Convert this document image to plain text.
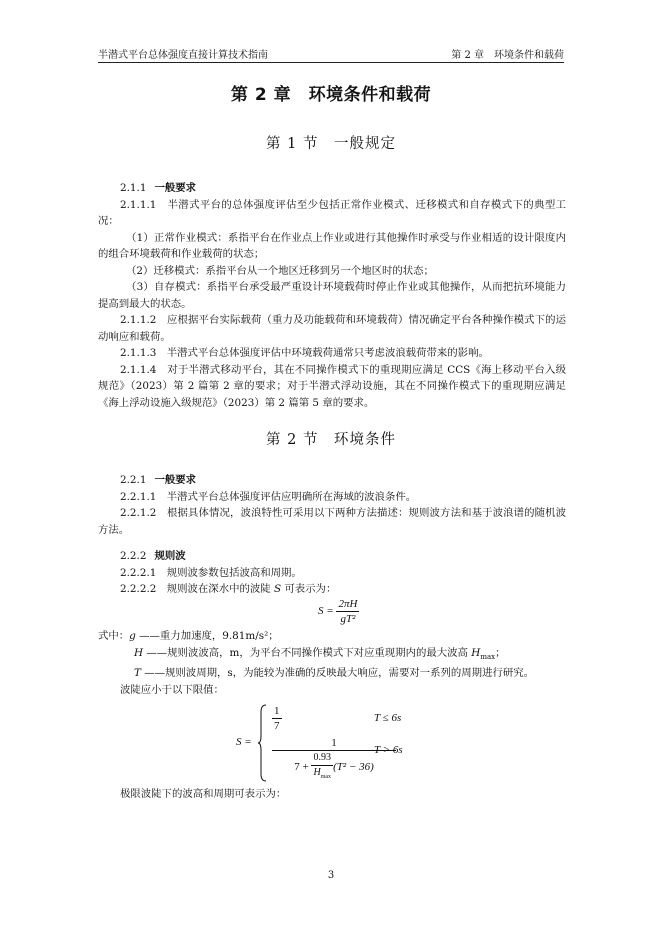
半潜式平台总体强度直接计算技术指南	第 2 章　环境条件和载荷
第 2 章　环境条件和载荷
第 1 节　一般规定
2.1.1 一般要求
2.1.1.1　半潜式平台的总体强度评估至少包括正常作业模式、迁移模式和自存模式下的典型工况：
（1）正常作业模式：系指平台在作业点上作业或进行其他操作时承受与作业相适的设计限度内的组合环境载荷和作业载荷的状态；
（2）迁移模式：系指平台从一个地区迁移到另一个地区时的状态；
（3）自存模式：系指平台承受最严重设计环境载荷时停止作业或其他操作，从而把抗环境能力提高到最大的状态。
2.1.1.2　应根据平台实际载荷（重力及功能载荷和环境载荷）情况确定平台各种操作模式下的运动响应和载荷。
2.1.1.3　半潜式平台总体强度评估中环境载荷通常只考虑波浪载荷带来的影响。
2.1.1.4　对于半潜式移动平台，其在不同操作模式下的重现期应满足 CCS《海上移动平台入级规范》（2023）第 2 篇第 2 章的要求；对于半潜式浮动设施，其在不同操作模式下的重现期应满足《海上浮动设施入级规范》（2023）第 2 篇第 5 章的要求。
第 2 节　环境条件
2.2.1 一般要求
2.2.1.1　半潜式平台总体强度评估应明确所在海域的波浪条件。
2.2.1.2　根据具体情况，波浪特性可采用以下两种方法描述：规则波方法和基于波浪谱的随机波方法。
2.2.2 规则波
2.2.2.1　规则波参数包括波高和周期。
2.2.2.2　规则波在深水中的波陡 S 可表示为：
$S = \frac{2\pi H}{\text{gT²}}$
式中：g ——重力加速度，9.81m/s²；
H ——规则波波高，m，为平台不同操作模式下对应重现期内的最大波高 $H_{max}$；
T ——规则波周期，s，为能较为准确的反映最大响应，需要对一系列的周期进行研究。
波陡应小于以下限值：
S =
$\frac{1}{7}$	T ≤ 6s
1
$7 + \frac{0.93}{H_{max}} (T^2 - 36)$
T > 6s
极限波陡下的波高和周期可表示为：
3
